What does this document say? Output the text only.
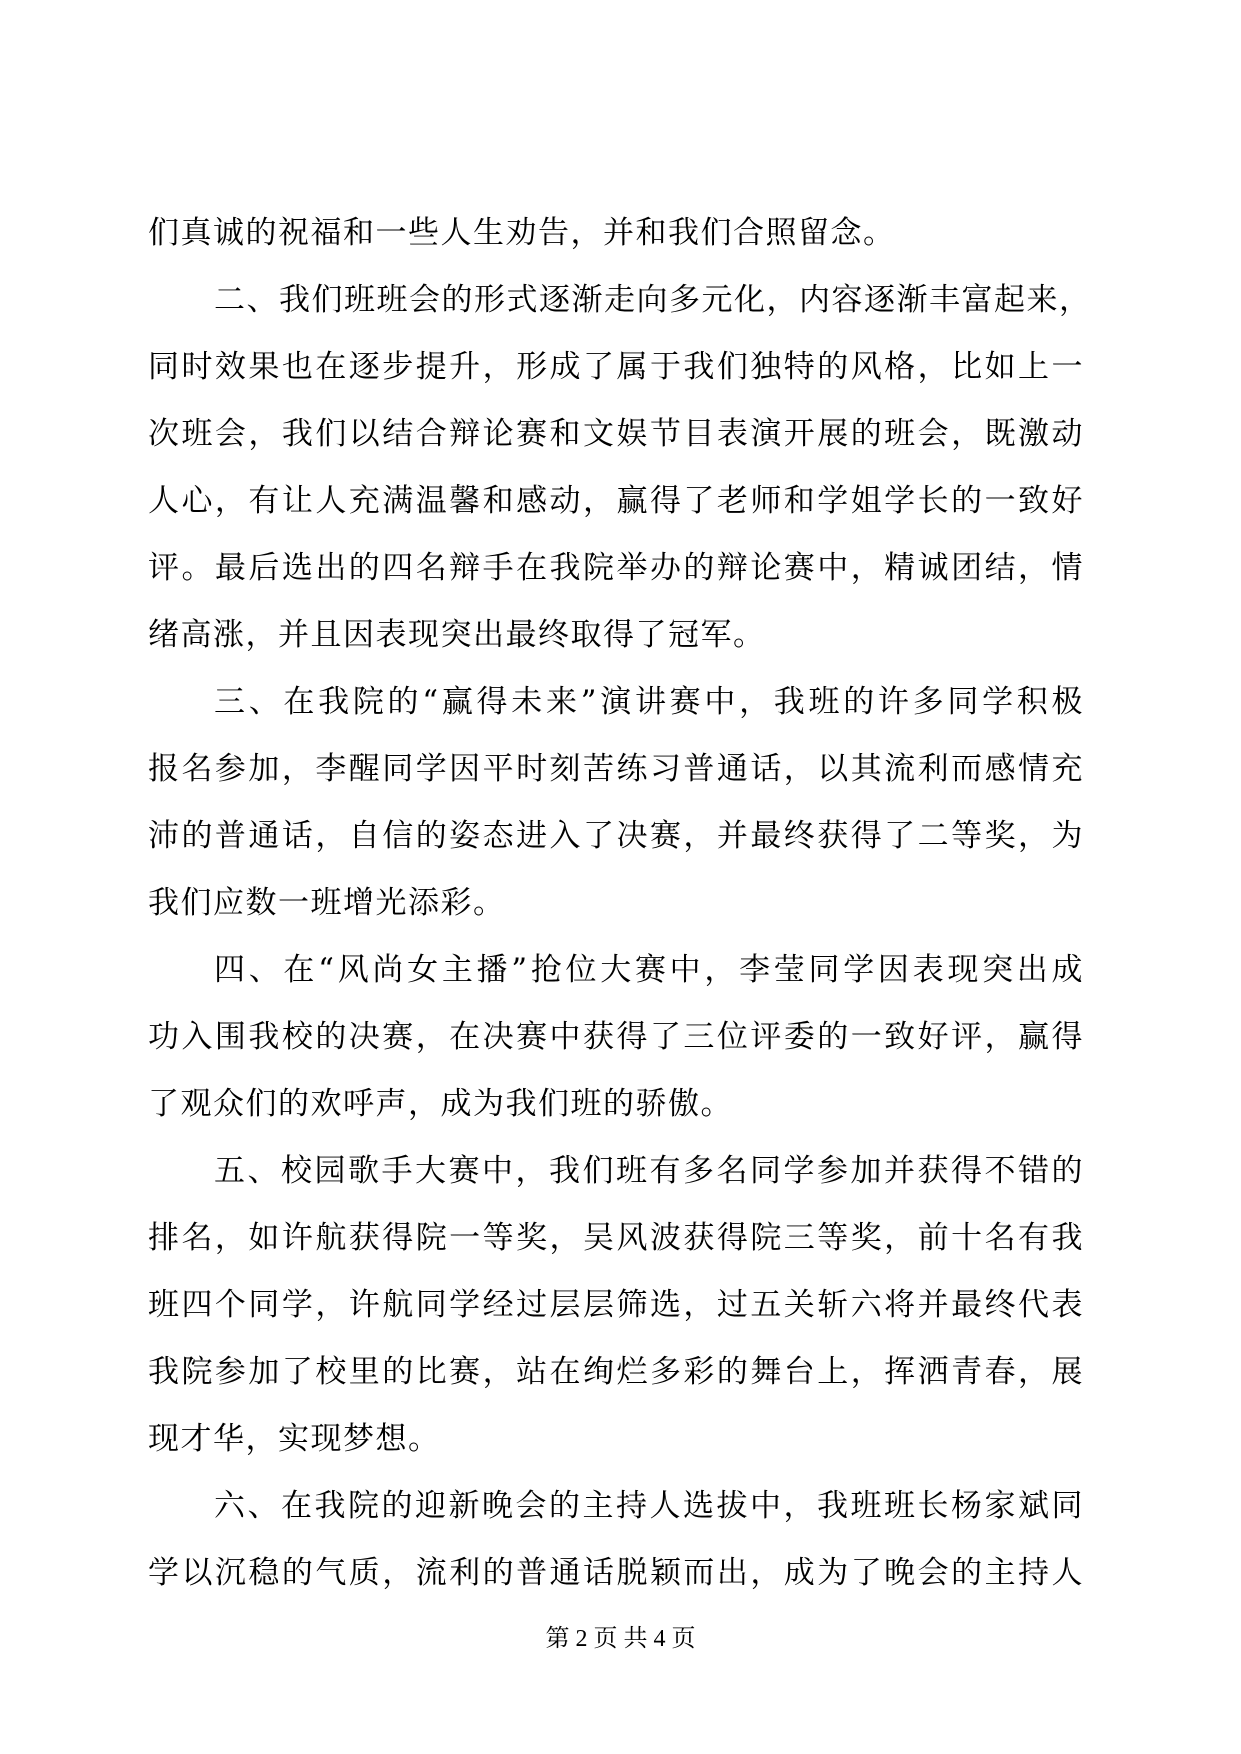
们真诚的祝福和一些人生劝告，并和我们合照留念。
二、我们班班会的形式逐渐走向多元化，内容逐渐丰富起来，
同时效果也在逐步提升，形成了属于我们独特的风格，比如上一
次班会，我们以结合辩论赛和文娱节目表演开展的班会，既激动
人心，有让人充满温馨和感动，赢得了老师和学姐学长的一致好
评。最后选出的四名辩手在我院举办的辩论赛中，精诚团结，情
绪高涨，并且因表现突出最终取得了冠军。
三、在我院的“赢得未来”演讲赛中，我班的许多同学积极
报名参加，李醒同学因平时刻苦练习普通话，以其流利而感情充
沛的普通话，自信的姿态进入了决赛，并最终获得了二等奖，为
我们应数一班增光添彩。
四、在“风尚女主播”抢位大赛中，李莹同学因表现突出成
功入围我校的决赛，在决赛中获得了三位评委的一致好评，赢得
了观众们的欢呼声，成为我们班的骄傲。
五、校园歌手大赛中，我们班有多名同学参加并获得不错的
排名，如许航获得院一等奖，吴风波获得院三等奖，前十名有我
班四个同学，许航同学经过层层筛选，过五关斩六将并最终代表
我院参加了校里的比赛，站在绚烂多彩的舞台上，挥洒青春，展
现才华，实现梦想。
六、在我院的迎新晚会的主持人选拔中，我班班长杨家斌同
学以沉稳的气质，流利的普通话脱颖而出，成为了晚会的主持人
第 2 页 共 4 页
